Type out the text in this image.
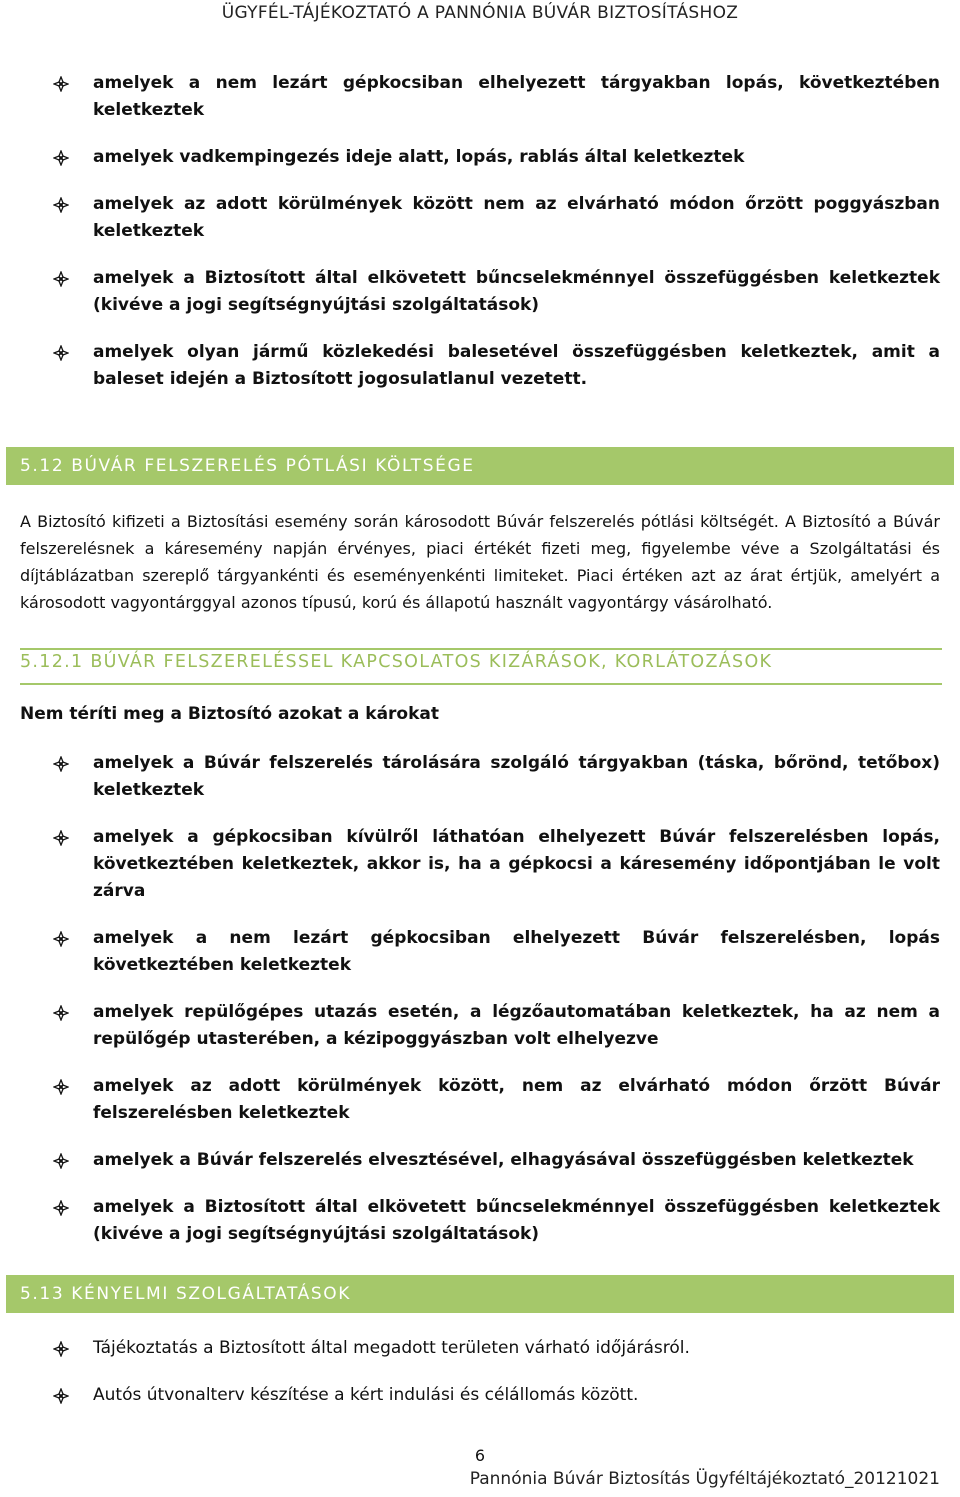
ÜGYFÉL-TÁJÉKOZTATÓ A PANNÓNIA BÚVÁR BIZTOSÍTÁSHOZ
amelyek a nem lezárt gépkocsiban elhelyezett tárgyakban lopás, következtében keletkeztek
amelyek vadkempingezés ideje alatt, lopás, rablás által keletkeztek
amelyek az adott körülmények között nem az elvárható módon őrzött poggyászban keletkeztek
amelyek a Biztosított által elkövetett bűncselekménnyel összefüggésben keletkeztek (kivéve a jogi segítségnyújtási szolgáltatások)
amelyek olyan jármű közlekedési balesetével összefüggésben keletkeztek, amit a baleset idején a Biztosított jogosulatlanul vezetett.
5.12 BÚVÁR FELSZERELÉS PÓTLÁSI KÖLTSÉGE

A Biztosító kifizeti a Biztosítási esemény során károsodott Búvár felszerelés pótlási költségét. A Biztosító a Búvár felszerelésnek a káresemény napján érvényes, piaci értékét fizeti meg, figyelembe véve a Szolgáltatási és díjtáblázatban szereplő tárgyankénti és eseményenkénti limiteket. Piaci értéken azt az árat értjük, amelyért a károsodott vagyontárggyal azonos típusú, korú és állapotú használt vagyontárgy vásárolható.

5.12.1 BÚVÁR FELSZERELÉSSEL KAPCSOLATOS KIZÁRÁSOK, KORLÁTOZÁSOK
Nem téríti meg a Biztosító azokat a károkat
amelyek a Búvár felszerelés tárolására szolgáló tárgyakban (táska, bőrönd, tetőbox) keletkeztek
amelyek a gépkocsiban kívülről láthatóan elhelyezett Búvár felszerelésben lopás, következtében keletkeztek, akkor is, ha a gépkocsi a káresemény időpontjában le volt zárva
amelyek a nem lezárt gépkocsiban elhelyezett Búvár felszerelésben, lopás következtében keletkeztek
amelyek repülőgépes utazás esetén, a légzőautomatában keletkeztek, ha az nem a repülőgép utasterében, a kézipoggyászban volt elhelyezve
amelyek az adott körülmények között, nem az elvárható módon őrzött Búvár felszerelésben keletkeztek
amelyek a Búvár felszerelés elvesztésével, elhagyásával összefüggésben keletkeztek
amelyek a Biztosított által elkövetett bűncselekménnyel összefüggésben keletkeztek (kivéve a jogi segítségnyújtási szolgáltatások)
5.13 KÉNYELMI SZOLGÁLTATÁSOK
Tájékoztatás a Biztosított által megadott területen várható időjárásról.
Autós útvonalterv készítése a kért indulási és célállomás között.
6
Pannónia Búvár Biztosítás Ügyféltájékoztató_20121021
